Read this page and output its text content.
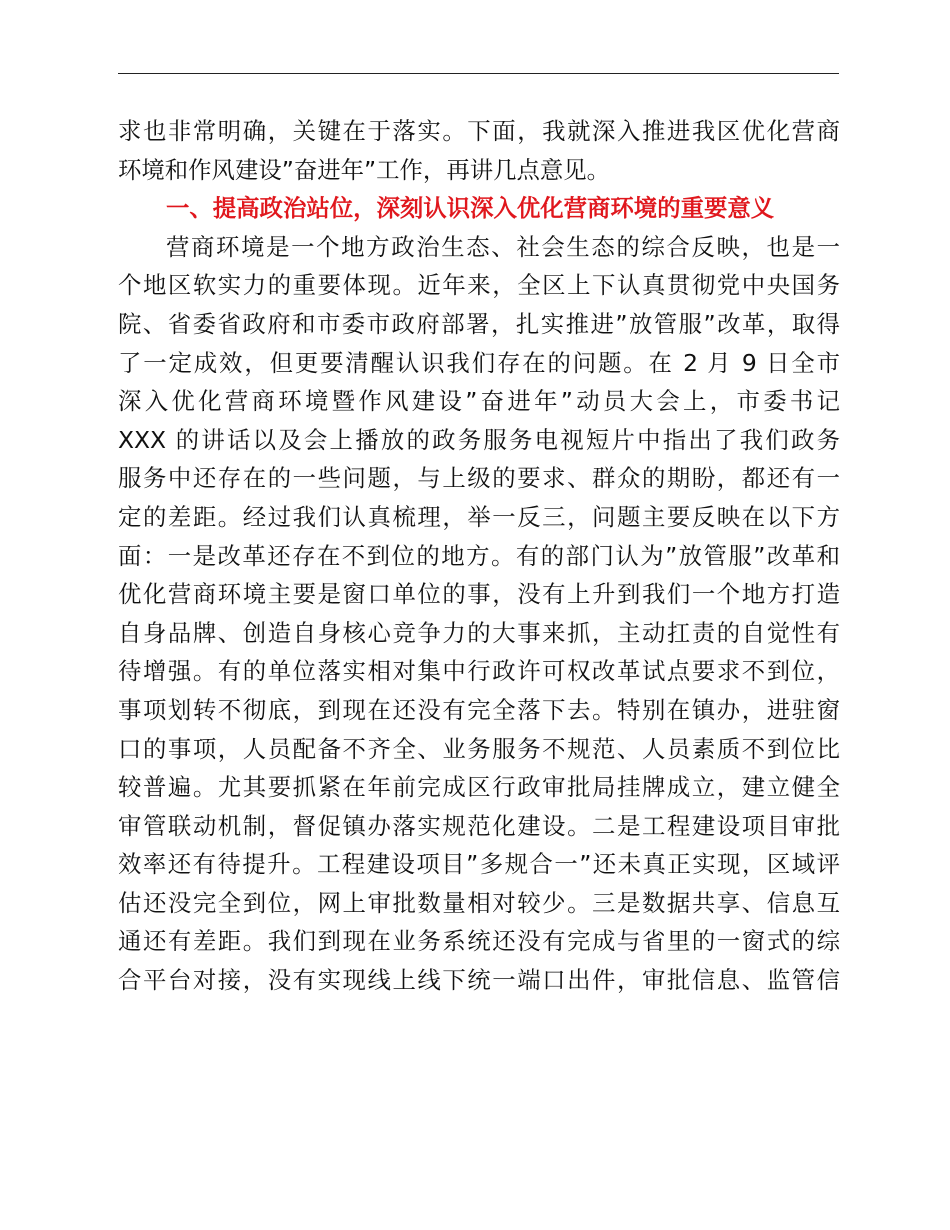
求也非常明确，关键在于落实。下面，我就深入推进我区优化营商
环境和作风建设”奋进年”工作，再讲几点意见。
一、提高政治站位，深刻认识深入优化营商环境的重要意义
营商环境是一个地方政治生态、社会生态的综合反映，也是一
个地区软实力的重要体现。近年来，全区上下认真贯彻党中央国务
院、省委省政府和市委市政府部署，扎实推进”放管服”改革，取得
了一定成效，但更要清醒认识我们存在的问题。在 2 月 9 日全市
深入优化营商环境暨作风建设”奋进年”动员大会上，市委书记
XXX 的讲话以及会上播放的政务服务电视短片中指出了我们政务
服务中还存在的一些问题，与上级的要求、群众的期盼，都还有一
定的差距。经过我们认真梳理，举一反三，问题主要反映在以下方
面：一是改革还存在不到位的地方。有的部门认为”放管服”改革和
优化营商环境主要是窗口单位的事，没有上升到我们一个地方打造
自身品牌、创造自身核心竞争力的大事来抓，主动扛责的自觉性有
待增强。有的单位落实相对集中行政许可权改革试点要求不到位，
事项划转不彻底，到现在还没有完全落下去。特别在镇办，进驻窗
口的事项，人员配备不齐全、业务服务不规范、人员素质不到位比
较普遍。尤其要抓紧在年前完成区行政审批局挂牌成立，建立健全
审管联动机制，督促镇办落实规范化建设。二是工程建设项目审批
效率还有待提升。工程建设项目”多规合一”还未真正实现，区域评
估还没完全到位，网上审批数量相对较少。三是数据共享、信息互
通还有差距。我们到现在业务系统还没有完成与省里的一窗式的综
合平台对接，没有实现线上线下统一端口出件，审批信息、监管信
